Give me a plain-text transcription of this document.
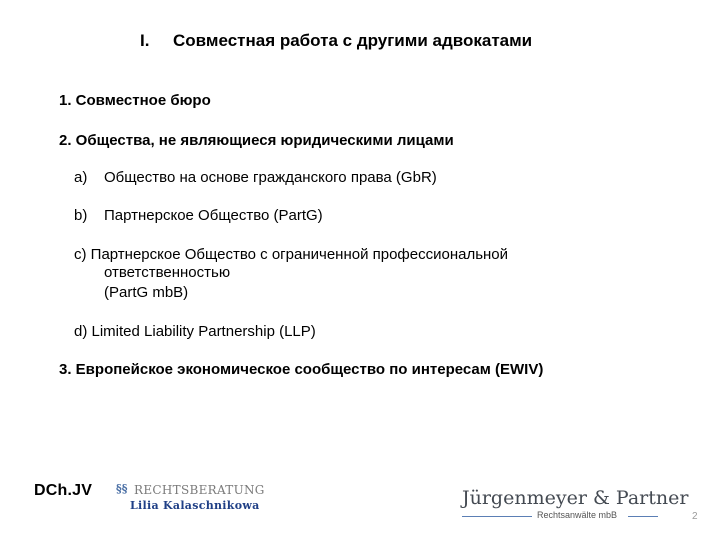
I. Совместная работа с другими адвокатами
1. Совместное бюро
2. Общества, не являющиеся юридическими лицами
a) Общество на основе гражданского права (GbR)
b) Партнерское Общество (PartG)
c) Партнерское Общество с ограниченной профессиональной
ответственностью
(PartG mbB)
d) Limited Liability Partnership (LLP)
3. Европейское экономическое сообщество по интересам (EWIV)
DCh.JV §§ RECHTSBERATUNG
Lilia Kalaschnikowa	Jürgenmeyer & Partner
Rechtsanwälte mbB	2
